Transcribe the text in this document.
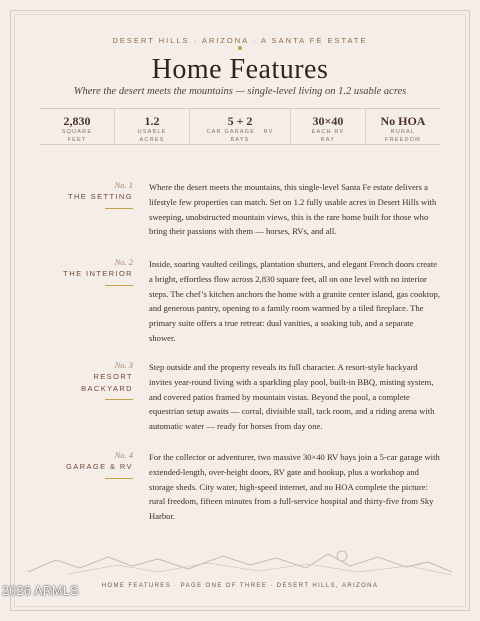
DESERT HILLS · ARIZONA · A SANTA FE ESTATE
Home Features
Where the desert meets the mountains — single-level living on 1.2 usable acres
2,830
SQUARE
FEET
1.2
USABLE
ACRES
5 + 2
CAR GARAGE · RV
BAYS
30×40
EACH RV
BAY
No HOA
RURAL
FREEDOM
No. 1
THE SETTING

Where the desert meets the mountains, this single-level Santa Fe estate delivers a lifestyle few properties can match. Set on 1.2 fully usable acres in Desert Hills with sweeping, unobstructed mountain views, this is the rare home built for those who bring their passions with them — horses, RVs, and all.

No. 2
THE INTERIOR

Inside, soaring vaulted ceilings, plantation shutters, and elegant French doors create a bright, effortless flow across 2,830 square feet, all on one level with no interior steps. The chef’s kitchen anchors the home with a granite center island, gas cooktop, and generous pantry, opening to a family room warmed by a tiled fireplace. The primary suite offers a true retreat: dual vanities, a soaking tub, and a separate shower.

No. 3
RESORT
BACKYARD

Step outside and the property reveals its full character. A resort-style backyard invites year-round living with a sparkling play pool, built-in BBQ, misting system, and covered patios framed by mountain vistas. Beyond the pool, a complete equestrian setup awaits — corral, divisible stall, tack room, and a riding arena with automatic water — ready for horses from day one.

No. 4
GARAGE & RV

For the collector or adventurer, two massive 30×40 RV bays join a 5-car garage with extended-length, over-height doors, RV gate and hookup, plus a workshop and storage sheds. City water, high-speed internet, and no HOA complete the picture: rural freedom, fifteen minutes from a full-service hospital and thirty-five from Sky Harbor.

HOME FEATURES · PAGE ONE OF THREE · DESERT HILLS, ARIZONA
2026 ARMLS
